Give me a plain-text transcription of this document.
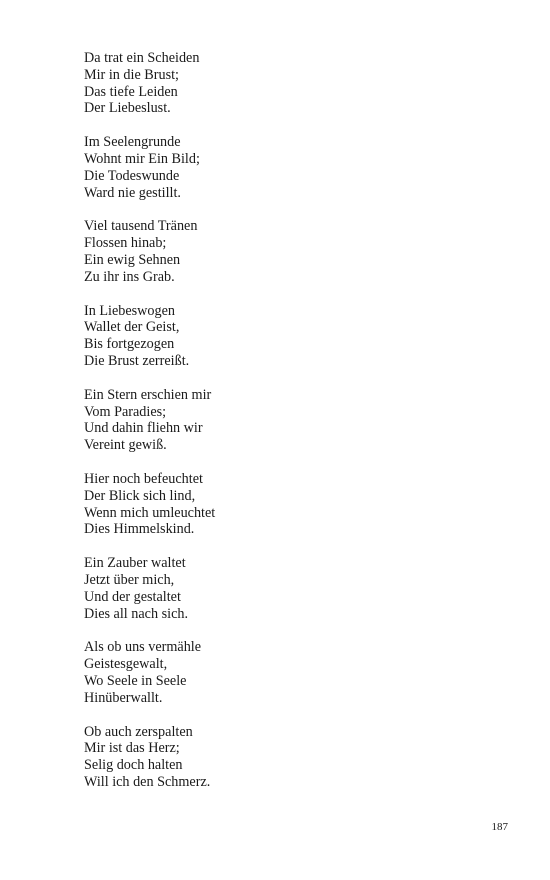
Da trat ein Scheiden
Mir in die Brust;
Das tiefe Leiden
Der Liebeslust.
Im Seelengrunde
Wohnt mir Ein Bild;
Die Todeswunde
Ward nie gestillt.
Viel tausend Tränen
Flossen hinab;
Ein ewig Sehnen
Zu ihr ins Grab.
In Liebeswogen
Wallet der Geist,
Bis fortgezogen
Die Brust zerreißt.
Ein Stern erschien mir
Vom Paradies;
Und dahin fliehn wir
Vereint gewiß.
Hier noch befeuchtet
Der Blick sich lind,
Wenn mich umleuchtet
Dies Himmelskind.
Ein Zauber waltet
Jetzt über mich,
Und der gestaltet
Dies all nach sich.
Als ob uns vermähle
Geistesgewalt,
Wo Seele in Seele
Hinüberwallt.
Ob auch zerspalten
Mir ist das Herz;
Selig doch halten
Will ich den Schmerz.
187
